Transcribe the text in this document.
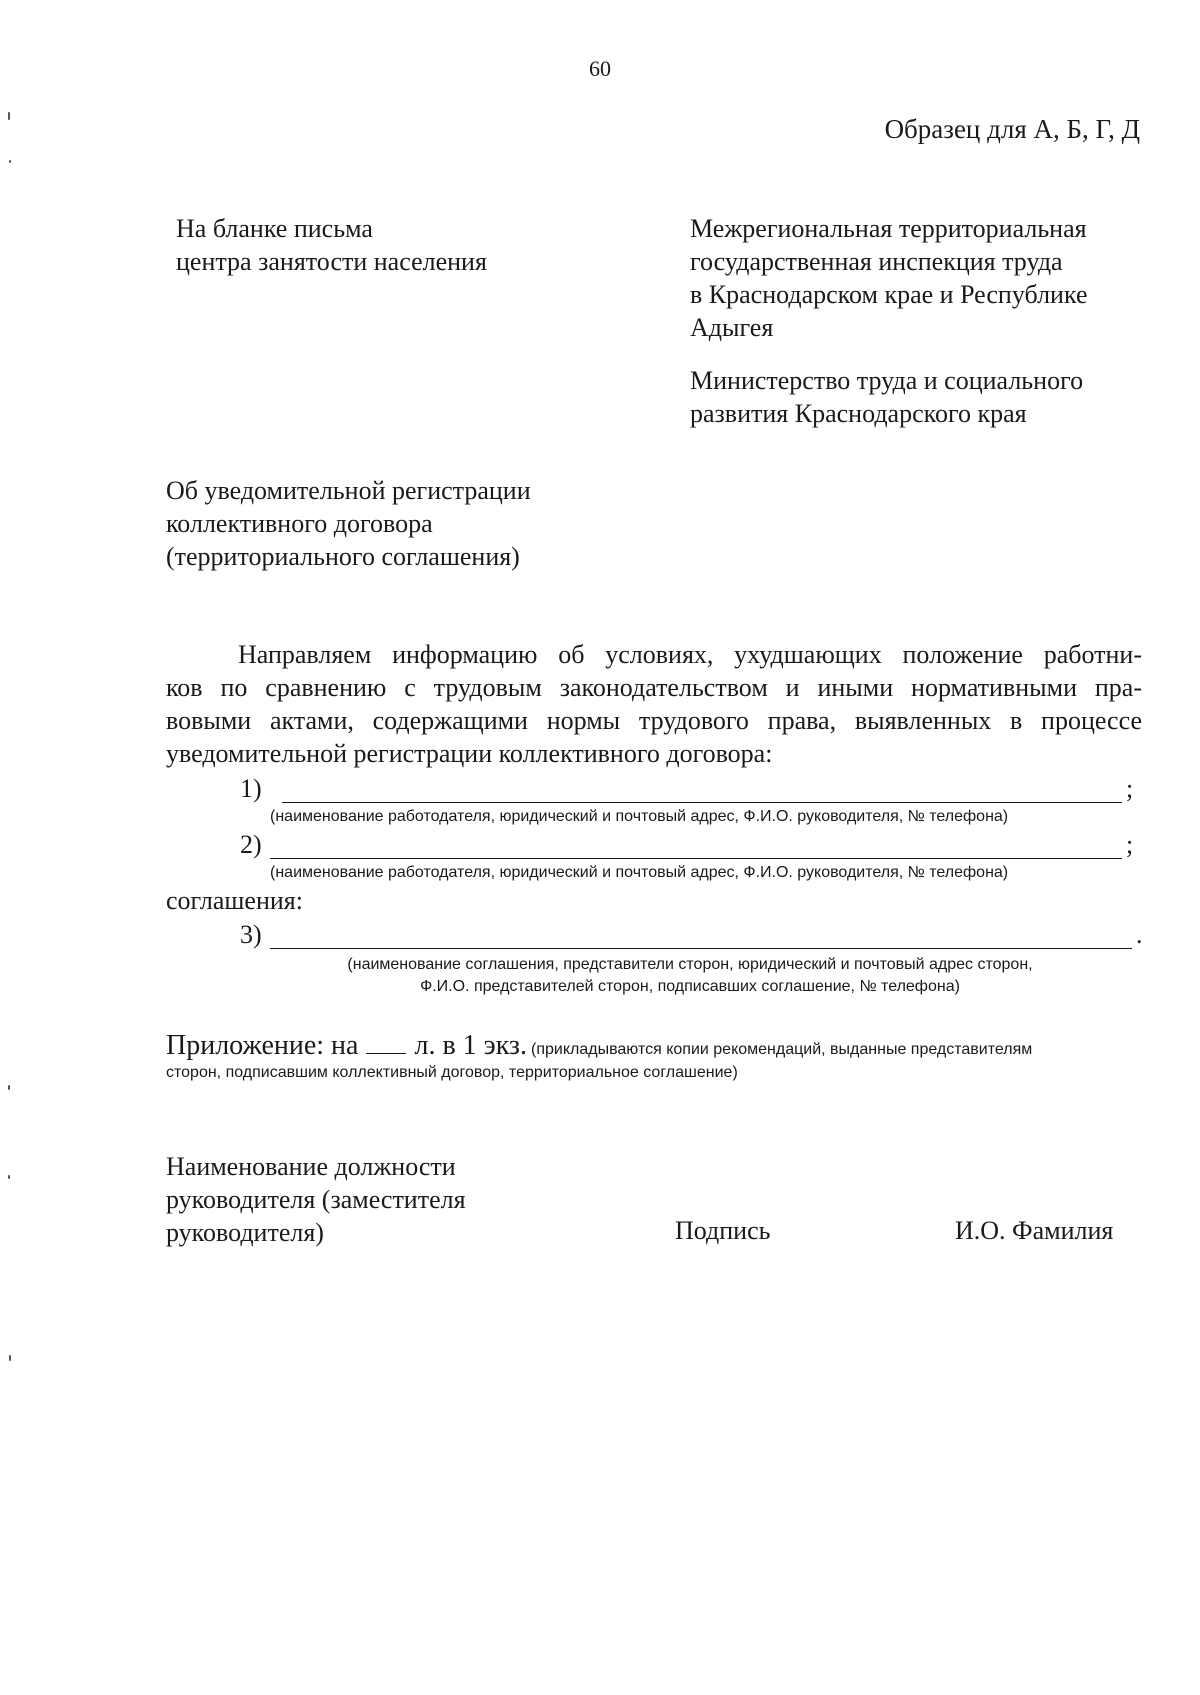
60
Образец для А, Б, Г, Д
На бланке письма
центра занятости населения
Межрегиональная территориальная
государственная инспекция труда
в Краснодарском крае и Республике
Адыгея
Министерство труда и социального
развития Краснодарского края
Об уведомительной регистрации
коллективного договора
(территориального соглашения)
Направляем информацию об условиях, ухудшающих положение работни-
ков по сравнению с трудовым законодательством и иными нормативными пра-
вовыми актами, содержащими нормы трудового права, выявленных в процессе
уведомительной регистрации коллективного договора:
1)	;
(наименование работодателя, юридический и почтовый адрес, Ф.И.О. руководителя, № телефона)
2)	;
(наименование работодателя, юридический и почтовый адрес, Ф.И.О. руководителя, № телефона)
соглашения:
3)	.
(наименование соглашения, представители сторон, юридический и почтовый адрес сторон,
Ф.И.О. представителей сторон, подписавших соглашение, № телефона)
Приложение: на л. в 1 экз. (прикладываются копии рекомендаций, выданные представителям
сторон, подписавшим коллективный договор, территориальное соглашение)
Наименование должности
руководителя (заместителя
руководителя)	Подпись	И.О. Фамилия
